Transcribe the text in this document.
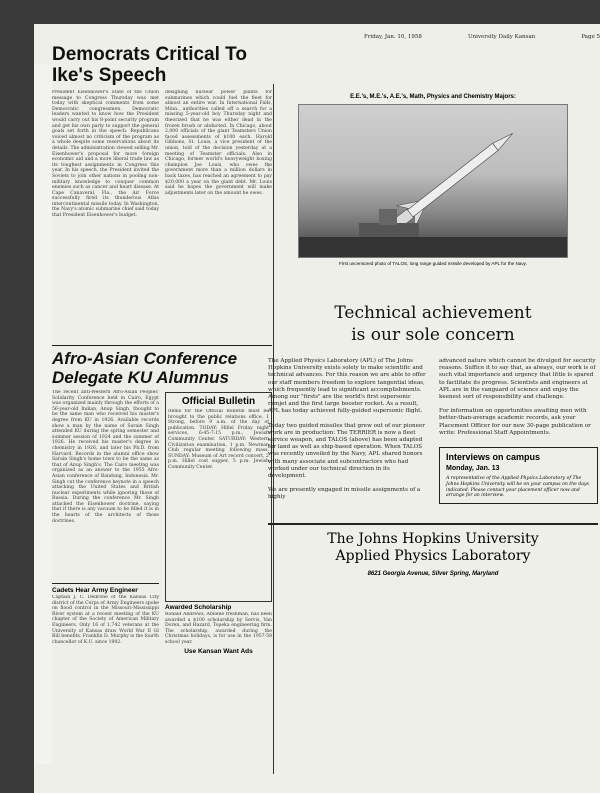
Friday, Jan. 10, 1958	University Daily Kansan	Page 5
Democrats Critical To Ike's Speech

President Eisenhower's State of the Union message to Congress Thursday was met today with skeptical comments from some Democratic congressmen. Democratic leaders wanted to know how the President would carry out his 8-point security program and get his own party to support the general goals set forth in the speech. Republicans voiced almost no criticism of the program as a whole despite some reservations about its details. The administration viewed selling Mr. Eisenhower's proposal for more foreign economic aid and a more liberal trade law as its toughest assignments in Congress this year. In his speech, the President invited the Soviets to join other nations in pooling non-military knowledge to conquer common enemies such as cancer and heart disease. At Cape Canaveral, Fla., the Air Force successfully fired its thunderous Atlas intercontinental missile today. In Washington, the Navy's atomic submarine chief said today that President Eisenhower's budget.

designing nuclear power plants for submarines which could fuel the fleet for almost an entire war. In International Falls, Minn., authorities called off a search for a missing 5-year-old boy Thursday night and theorized that he was either dead in the frozen brush or abducted. In Chicago, about 2,000 officials of the giant Teamsters Union faced assessments of $100 each. Harold Gibbons, St. Louis, a vice president of the union, told of the decision yesterday at a meeting of Teamster officials. Also in Chicago, former world's heavyweight boxing champion Joe Louis, who owes the government more than a million dollars in back taxes, has reached an agreement to pay $20,000 a year on the giant debt. Mr. Louis said he hopes the government will make adjustments later on the amount he owes.

Afro-Asian Conference Delegate KU Alumnus

The recent anti-Western Afro-Asian Peoples' Solidarity Conference held in Cairo, Egypt was organized mainly through the efforts of a 56-year-old Indian, Anup Singh, thought to be the same man who received his master's degree from KU in 1926. Available records show a man by the name of Sarain Singh attended KU during the spring semester and summer session of 1924 and the summer of 1926. He received his master's degree in chemistry in 1926, and later his Ph.D. from Harvard. Records in the alumni office show Sarain Singh's home town to be the same as that of Anup Singh's. The Cairo meeting was organized as an answer to the 1955 Afro-Asian conference of Bandung, Indonesia. Mr. Singh cut the conference keynote in a speech attacking the United States and British nuclear experiments while ignoring those of Russia. During the conference Mr. Singh attacked the Eisenhower doctrine, saying that if there is any vacuum to be filled it is in the hearts of the architects of those doctrines.

Cadets Hear Army Engineer

Captain J. C. Dedrone of the Kansas City district of the Corps of Army Engineers spoke on flood control in the Missouri-Mississippi River system at a recent meeting of the KU chapter of the Society of American Military Engineers. Only 16 of 1,742 veterans at the University of Kansas draw World War II GI Bill benefits. Franklin D. Murphy is the fourth chancellor of K.U. since 1902.

Official Bulletin

Items for the Official Bulletin must be brought to the public relations office, 1 Strong, before 9 a.m. of the day of publication. TODAY: Hillel Friday night services, 6:45-7:15 p.m., Jewish Community Center. SATURDAY: Western Civilization examination, 1 p.m. Newman Club regular meeting following mass. SUNDAY: Museum of Art record concert, 2 p.m. Hillel cost supper, 5 p.m. Jewish Community Center.

Awarded Scholarship

Ronald Andrews, Abilene freshman, has been awarded a $100 scholarship by Servis, Van Doren, and Hazard, Topeka engineering firm. The scholarship, awarded during the Christmas holidays, is for use in the 1957-58 school year.

Use Kansan Want Ads
E.E.'s, M.E.'s, A.E.'s, Math, Physics and Chemistry Majors:
First uncensored photo of TALOS, long range guided missile developed by APL for the Navy.
Technical achievement
is our sole concern

The Applied Physics Laboratory (APL) of The Johns Hopkins University exists solely to make scientific and technical advances. For this reason we are able to offer our staff members freedom to explore tangential ideas, which frequently lead to significant accomplishments. Among our "firsts" are the world's first supersonic ramjet and the first large booster rocket. As a result, APL has today achieved fully-guided supersonic flight.

Today two guided missiles that grew out of our pioneer work are in production: The TERRIER is now a fleet service weapon, and TALOS (above) has been adapted for land as well as ship-based operation. When TALOS was recently unveiled by the Navy, APL shared honors with many associate and subcontractors who had worked under our technical direction in its development.

We are presently engaged in missile assignments of a highly

advanced nature which cannot be divulged for security reasons. Suffice it to say that, as always, our work is of such vital importance and urgency that little is spared to facilitate its progress. Scientists and engineers at APL are in the vanguard of science and enjoy the keenest sort of responsibility and challenge.

For information on opportunities awaiting men with better-than-average academic records, ask your Placement Officer for our new 30-page publication or write: Professional Staff Appointments.

Interviews on campus
Monday, Jan. 13

A representative of the Applied Physics Laboratory of The Johns Hopkins University will be on your campus on the days indicated. Please contact your placement officer now and arrange for an interview.

The Johns Hopkins University
Applied Physics Laboratory
8621 Georgia Avenue, Silver Spring, Maryland
